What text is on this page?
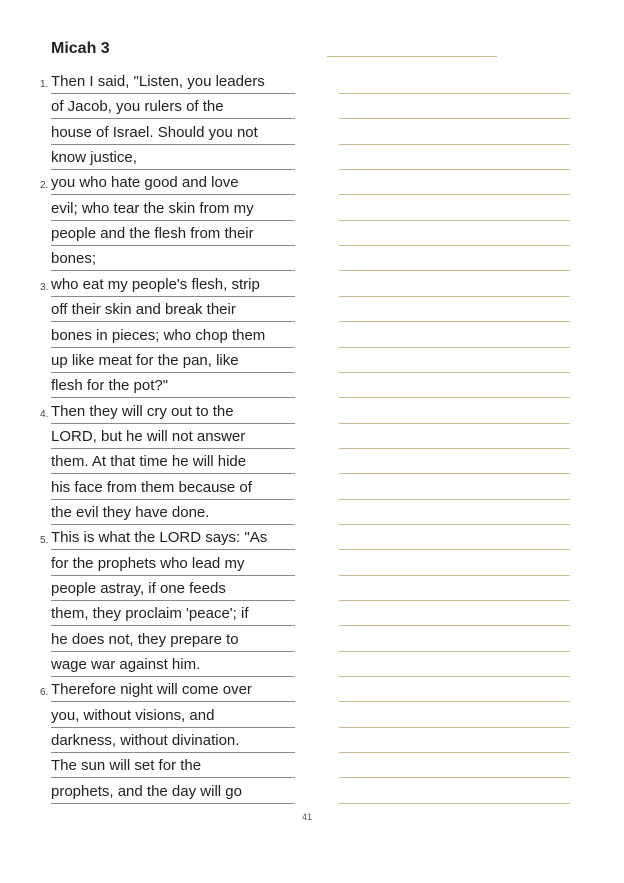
Micah 3
Then I said, "Listen, you leaders
1.
of Jacob, you rulers of the
house of Israel. Should you not
know justice,
you who hate good and love
2.
evil; who tear the skin from my
people and the flesh from their
bones;
who eat my people's flesh, strip
3.
off their skin and break their
bones in pieces; who chop them
up like meat for the pan, like
flesh for the pot?"
Then they will cry out to the
4.
LORD, but he will not answer
them. At that time he will hide
his face from them because of
the evil they have done.
This is what the LORD says: "As
5.
for the prophets who lead my
people astray, if one feeds
them, they proclaim 'peace'; if
he does not, they prepare to
wage war against him.
Therefore night will come over
6.
you, without visions, and
darkness, without divination.
The sun will set for the
prophets, and the day will go
41
